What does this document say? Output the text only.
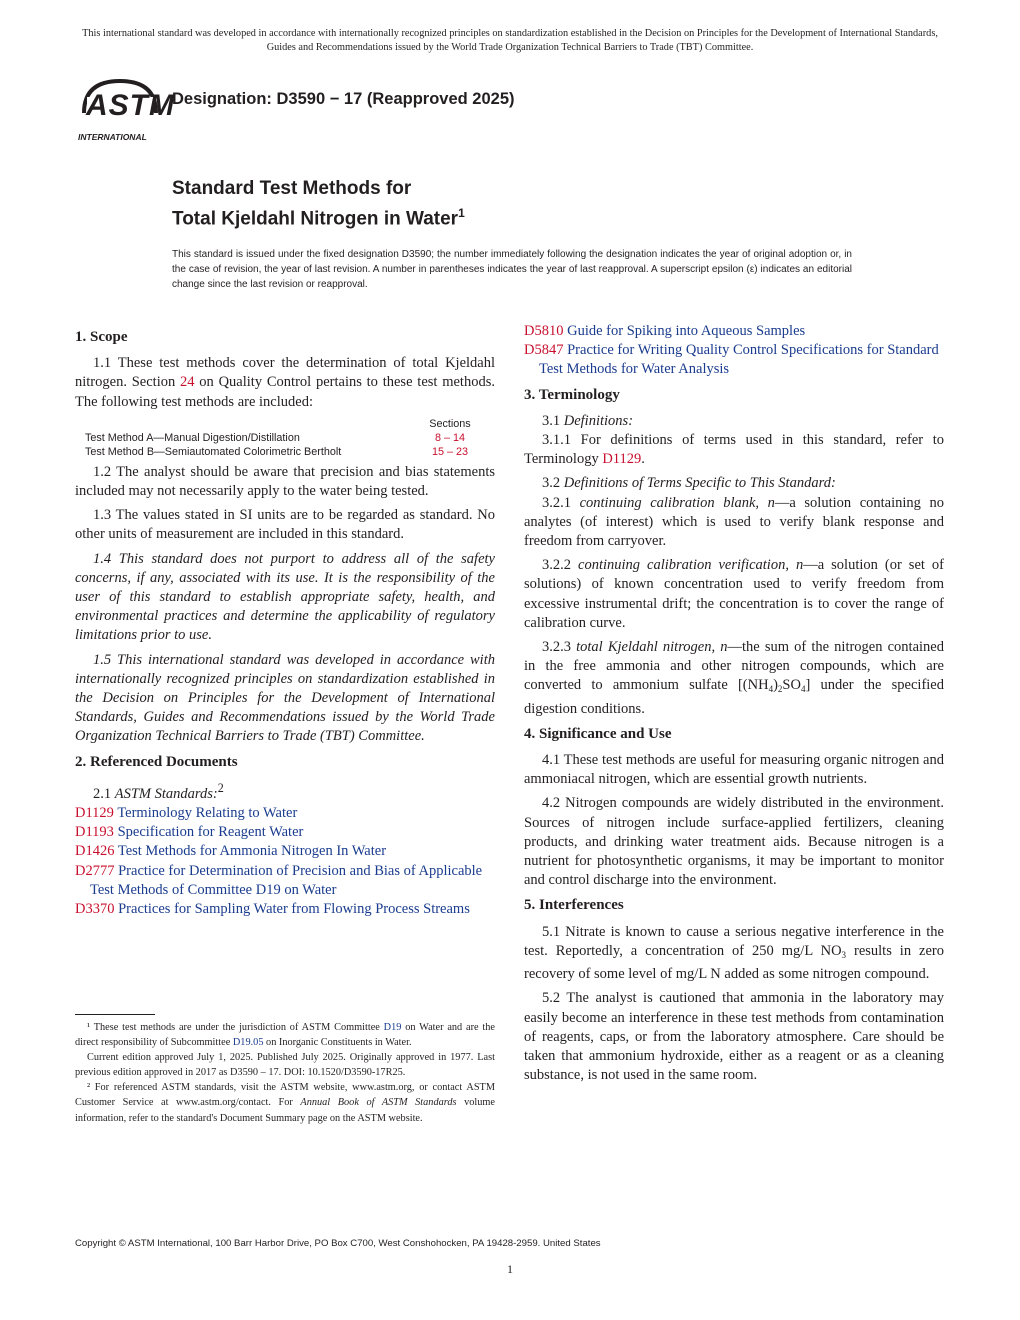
This international standard was developed in accordance with internationally recognized principles on standardization established in the Decision on Principles for the Development of International Standards, Guides and Recommendations issued by the World Trade Organization Technical Barriers to Trade (TBT) Committee.
ASTM
INTERNATIONAL
Designation: D3590 − 17 (Reapproved 2025)
Standard Test Methods for
Total Kjeldahl Nitrogen in Water$^1$
This standard is issued under the fixed designation D3590; the number immediately following the designation indicates the year of original adoption or, in the case of revision, the year of last revision. A number in parentheses indicates the year of last reapproval. A superscript epsilon (ε) indicates an editorial change since the last revision or reapproval.

1. Scope

1.1 These test methods cover the determination of total Kjeldahl nitrogen. Section 24 on Quality Control pertains to these test methods. The following test methods are included:

Sections
Test Method A—Manual Digestion/Distillation	8 – 14
Test Method B—Semiautomated Colorimetric Bertholt	15 – 23

1.2 The analyst should be aware that precision and bias statements included may not necessarily apply to the water being tested.

1.3 The values stated in SI units are to be regarded as standard. No other units of measurement are included in this standard.

1.4 This standard does not purport to address all of the safety concerns, if any, associated with its use. It is the responsibility of the user of this standard to establish appropriate safety, health, and environmental practices and determine the applicability of regulatory limitations prior to use.

1.5 This international standard was developed in accordance with internationally recognized principles on standardization established in the Decision on Principles for the Development of International Standards, Guides and Recommendations issued by the World Trade Organization Technical Barriers to Trade (TBT) Committee.

2. Referenced Documents

2.1 ASTM Standards:$^2$

D1129 Terminology Relating to Water

D1193 Specification for Reagent Water

D1426 Test Methods for Ammonia Nitrogen In Water

D2777 Practice for Determination of Precision and Bias of Applicable Test Methods of Committee D19 on Water

D3370 Practices for Sampling Water from Flowing Process Streams

¹ These test methods are under the jurisdiction of ASTM Committee D19 on Water and are the direct responsibility of Subcommittee D19.05 on Inorganic Constituents in Water.

Current edition approved July 1, 2025. Published July 2025. Originally approved in 1977. Last previous edition approved in 2017 as D3590 – 17. DOI: 10.1520/D3590-17R25.

² For referenced ASTM standards, visit the ASTM website, www.astm.org, or contact ASTM Customer Service at www.astm.org/contact. For Annual Book of ASTM Standards volume information, refer to the standard's Document Summary page on the ASTM website.

D5810 Guide for Spiking into Aqueous Samples

D5847 Practice for Writing Quality Control Specifications for Standard Test Methods for Water Analysis

3. Terminology

3.1 Definitions:

3.1.1 For definitions of terms used in this standard, refer to Terminology D1129.

3.2 Definitions of Terms Specific to This Standard:

3.2.1 continuing calibration blank, n—a solution containing no analytes (of interest) which is used to verify blank response and freedom from carryover.

3.2.2 continuing calibration verification, n—a solution (or set of solutions) of known concentration used to verify freedom from excessive instrumental drift; the concentration is to cover the range of calibration curve.

3.2.3 total Kjeldahl nitrogen, n—the sum of the nitrogen contained in the free ammonia and other nitrogen compounds, which are converted to ammonium sulfate $[(NH_4)_2SO_4]$ under the specified digestion conditions.

4. Significance and Use

4.1 These test methods are useful for measuring organic nitrogen and ammoniacal nitrogen, which are essential growth nutrients.

4.2 Nitrogen compounds are widely distributed in the environment. Sources of nitrogen include surface-applied fertilizers, cleaning products, and drinking water treatment aids. Because nitrogen is a nutrient for photosynthetic organisms, it may be important to monitor and control discharge into the environment.

5. Interferences

5.1 Nitrate is known to cause a serious negative interference in the test. Reportedly, a concentration of 250 mg/L $NO_3$ results in zero recovery of some level of mg/L N added as some nitrogen compound.

5.2 The analyst is cautioned that ammonia in the laboratory may easily become an interference in these test methods from contamination of reagents, caps, or from the laboratory atmosphere. Care should be taken that ammonium hydroxide, either as a reagent or as a cleaning substance, is not used in the same room.

Copyright © ASTM International, 100 Barr Harbor Drive, PO Box C700, West Conshohocken, PA 19428-2959. United States
1
